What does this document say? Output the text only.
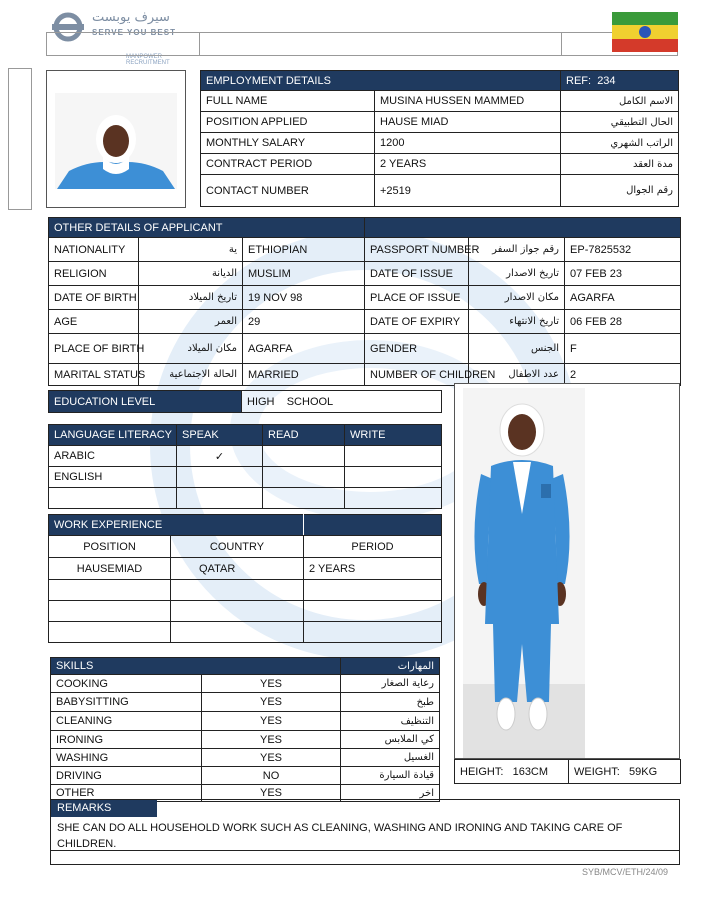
سيرف يوبست
SERVE YOU BEST
MANPOWER RECRUITMENT
EMPLOYMENT DETAILS		REF: 234
FULL NAME	MUSINA HUSSEN MAMMED	الاسم الكامل
POSITION APPLIED	HAUSE MIAD	الحال التطبيقي
MONTHLY SALARY	1200	الراتب الشهري
CONTRACT PERIOD	2 YEARS	مدة العقد
CONTACT NUMBER	+2519	رقم الجوال
OTHER DETAILS OF APPLICANT					
NATIONALITY	ية	ETHIOPIAN	PASSPORT NUMBER	رقم جواز السفر	EP-7825532
RELIGION	الديانة	MUSLIM	DATE OF ISSUE	تاريخ الاصدار	07 FEB 23
DATE OF BIRTH	تاريخ الميلاد	19 NOV 98	PLACE OF ISSUE	مكان الاصدار	AGARFA
AGE	العمر	29	DATE OF EXPIRY	تاريخ الانتهاء	06 FEB 28
PLACE OF BIRTH	مكان الميلاد	AGARFA	GENDER	الجنس	F
MARITAL STATUS	الحالة الاجتماعية	MARRIED	NUMBER OF CHILDREN	عدد الاطفال	2
EDUCATION LEVEL	HIGH    SCHOOL
LANGUAGE LITERACY	SPEAK	READ	WRITE
ARABIC	✓		
ENGLISH			

WORK EXPERIENCE		
POSITION	COUNTRY	PERIOD
HAUSEMIAD	QATAR	2 YEARS

SKILLS		المهارات
COOKING	YES	رعاية الصغار
BABYSITTING	YES	طبخ
CLEANING	YES	التنظيف
IRONING	YES	كي الملابس
WASHING	YES	الغسيل
DRIVING	NO	قيادة السيارة
OTHER	YES	اخر
HEIGHT: 163CM	WEIGHT: 59KG
REMARKS
SHE CAN DO ALL HOUSEHOLD WORK SUCH AS CLEANING, WASHING AND IRONING AND TAKING CARE OF CHILDREN.
SYB/MCV/ETH/24/09
